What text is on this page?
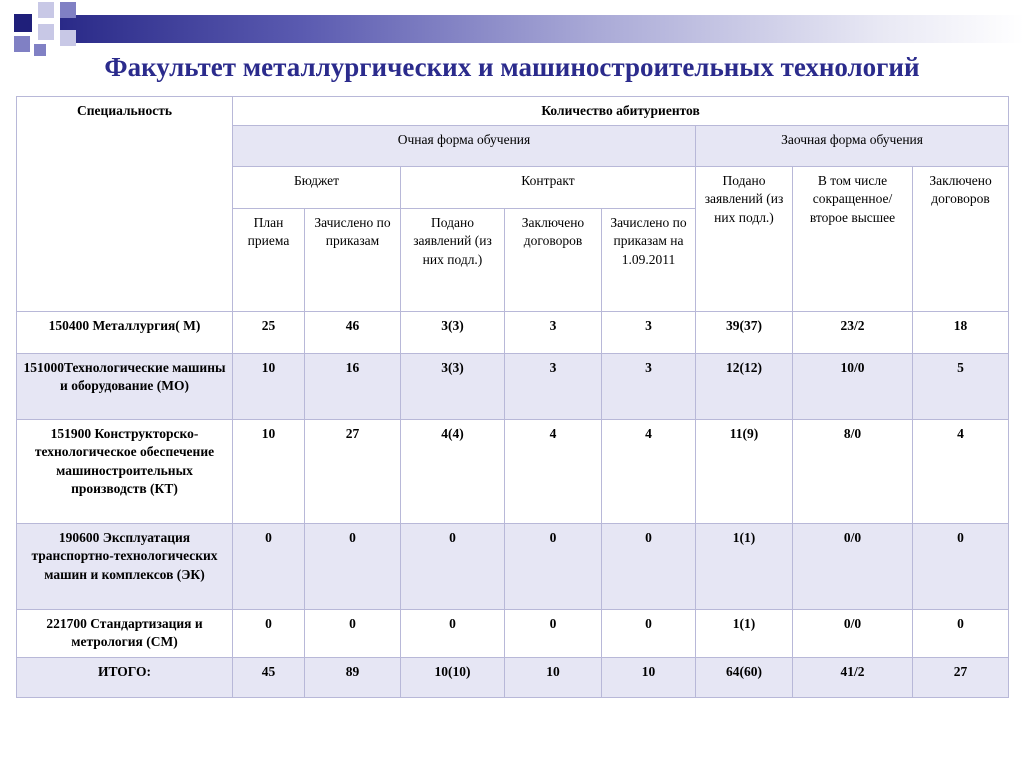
Факультет металлургических и машиностроительных технологий
Специальность	Количество абитуриентов							
	Очная форма обучения					Заочная форма обучения		
	Бюджет		Контракт			Подано заявлений (из них подл.)	В том числе сокращенное/ второе высшее	Заключено договоров
	План приема	Зачислено по приказам	Подано заявлений (из них подл.)	Заключено договоров	Зачислено по приказам на 1.09.2011			
150400 Металлургия( М)	25	46	3(3)	3	3	39(37)	23/2	18
151000Технологические машины и оборудование (МО)	10	16	3(3)	3	3	12(12)	10/0	5
151900 Конструкторско-технологическое обеспечение машиностроительных производств (КТ)	10	27	4(4)	4	4	11(9)	8/0	4
190600 Эксплуатация транспортно-технологических машин и комплексов (ЭК)	0	0	0	0	0	1(1)	0/0	0
221700 Стандартизация и метрология (СМ)	0	0	0	0	0	1(1)	0/0	0
ИТОГО:	45	89	10(10)	10	10	64(60)	41/2	27
